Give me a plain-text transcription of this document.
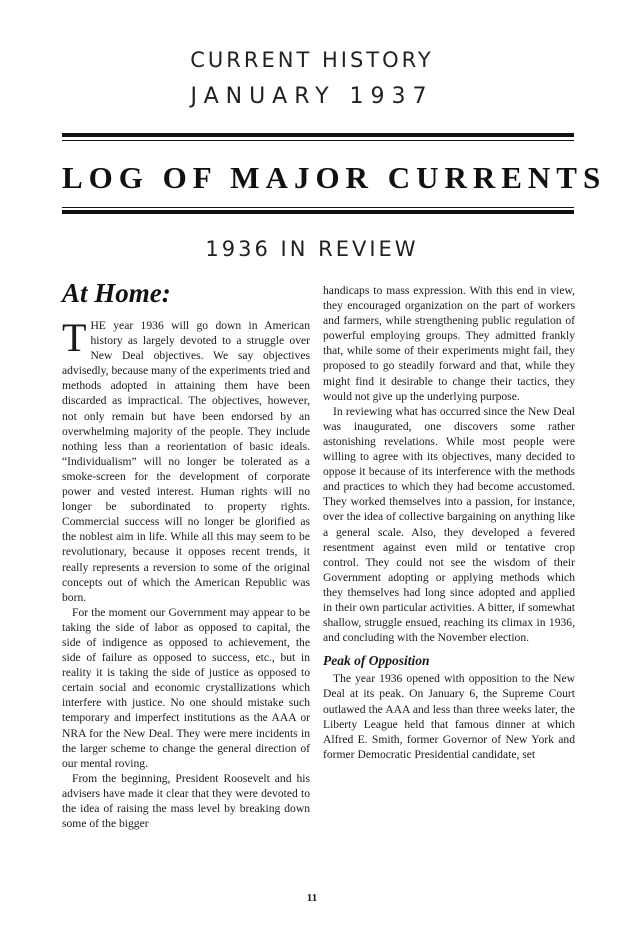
CURRENT HISTORY
JANUARY 1937
LOG OF MAJOR CURRENTS
1936 IN REVIEW
At Home:

THE year 1936 will go down in American history as largely devoted to a struggle over New Deal objectives. We say objectives advisedly, because many of the experiments tried and methods adopted in attaining them have been discarded as impractical. The objectives, however, not only remain but have been endorsed by an overwhelming majority of the people. They include nothing less than a reorientation of basic ideals. “Individualism” will no longer be tolerated as a smoke-screen for the development of corporate power and vested interest. Human rights will no longer be subordinated to property rights. Commercial success will no longer be glorified as the noblest aim in life. While all this may seem to be revolutionary, because it opposes recent trends, it really represents a reversion to some of the original concepts out of which the American Republic was born.

For the moment our Government may appear to be taking the side of labor as opposed to capital, the side of indigence as opposed to achievement, the side of failure as opposed to success, etc., but in reality it is taking the side of justice as opposed to certain social and economic crystallizations which interfere with justice. No one should mistake such temporary and imperfect institutions as the AAA or NRA for the New Deal. They were mere incidents in the larger scheme to change the general direction of our mental roving.

From the beginning, President Roosevelt and his advisers have made it clear that they were devoted to the idea of raising the mass level by breaking down some of the bigger

handicaps to mass expression. With this end in view, they encouraged organization on the part of workers and farmers, while strengthening public regulation of powerful employing groups. They admitted frankly that, while some of their experiments might fail, they proposed to go steadily forward and that, while they might find it desirable to change their tactics, they would not give up the underlying purpose.

In reviewing what has occurred since the New Deal was inaugurated, one discovers some rather astonishing revelations. While most people were willing to agree with its objectives, many decided to oppose it because of its interference with the methods and practices to which they had become accustomed. They worked themselves into a passion, for instance, over the idea of collective bargaining on anything like a general scale. Also, they developed a fevered resentment against even mild or tentative crop control. They could not see the wisdom of their Government adopting or applying methods which they themselves had long since adopted and applied in their own particular activities. A bitter, if somewhat shallow, struggle ensued, reaching its climax in 1936, and concluding with the November election.

Peak of Opposition

The year 1936 opened with opposition to the New Deal at its peak. On January 6, the Supreme Court outlawed the AAA and less than three weeks later, the Liberty League held that famous dinner at which Alfred E. Smith, former Governor of New York and former Democratic Presidential candidate, set

11
